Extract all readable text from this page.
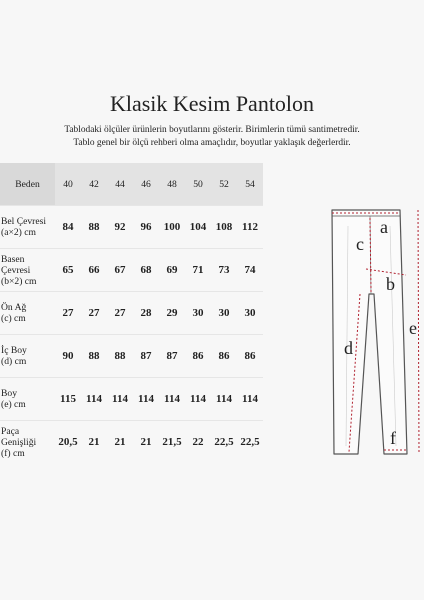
Klasik Kesim Pantolon
Tablodaki ölçüler ürünlerin boyutlarını gösterir. Birimlerin tümü santimetredir.
Tablo genel bir ölçü rehberi olma amaçlıdır, boyutlar yaklaşık değerlerdir.
Beden	40	42	44	46	48	50	52	54
Bel Çevresi
(a×2) cm	84	88	92	96	100	104	108	112
Basen
Çevresi
(b×2) cm	65	66	67	68	69	71	73	74
Ön Ağ
(c) cm	27	27	27	28	29	30	30	30
İç Boy
(d) cm	90	88	88	87	87	86	86	86
Boy
(e) cm	115	114	114	114	114	114	114	114
Paça
Genişliği
(f) cm	20,5	21	21	21	21,5	22	22,5	22,5
a
b
c
d
e
f
